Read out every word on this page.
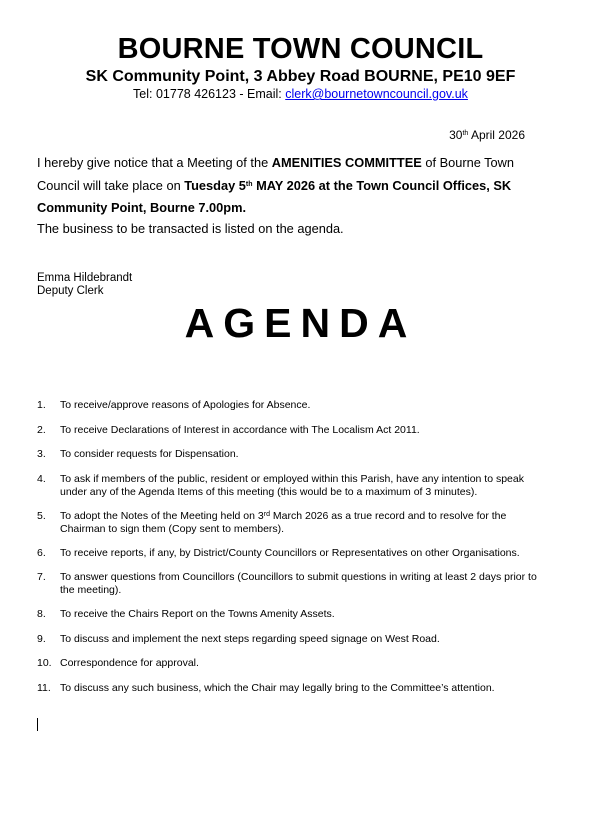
BOURNE TOWN COUNCIL
SK Community Point, 3 Abbey Road BOURNE, PE10 9EF
Tel: 01778 426123 - Email: clerk@bournetowncouncil.gov.uk
30th April 2026
I hereby give notice that a Meeting of the AMENITIES COMMITTEE of Bourne Town Council will take place on Tuesday 5th MAY 2026 at the Town Council Offices, SK Community Point, Bourne 7.00pm.
The business to be transacted is listed on the agenda.
Emma Hildebrandt
Deputy Clerk
AGENDA
1.	To receive/approve reasons of Apologies for Absence.
2.	To receive Declarations of Interest in accordance with The Localism Act 2011.
3.	To consider requests for Dispensation.
4.	To ask if members of the public, resident or employed within this Parish, have any intention to speak under any of the Agenda Items of this meeting (this would be to a maximum of 3 minutes).
5.	To adopt the Notes of the Meeting held on 3rd March 2026 as a true record and to resolve for the Chairman to sign them (Copy sent to members).
6.	To receive reports, if any, by District/County Councillors or Representatives on other Organisations.
7.	To answer questions from Councillors (Councillors to submit questions in writing at least 2 days prior to the meeting).
8.	To receive the Chairs Report on the Towns Amenity Assets.
9.	To discuss and implement the next steps regarding speed signage on West Road.
10. Correspondence for approval.
11. To discuss any such business, which the Chair may legally bring to the Committee’s attention.
